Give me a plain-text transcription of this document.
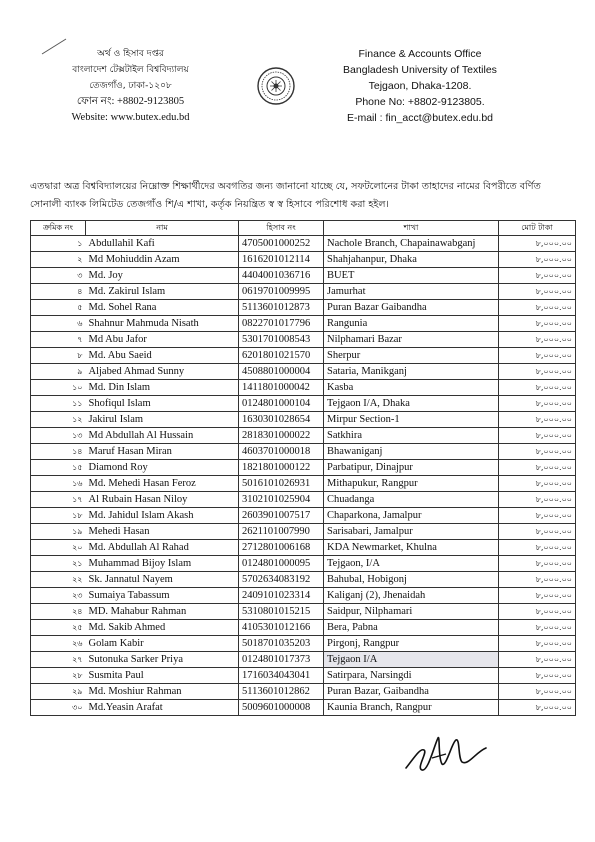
অর্থ ও হিসাব দপ্তর
বাংলাদেশ টেক্সটাইল বিশ্ববিদ্যালয়
তেজগাঁও, ঢাকা-১২০৮
ফোন নং: +8802-9123805
Website: www.butex.edu.bd
Finance & Accounts Office
Bangladesh University of Textiles
Tejgaon, Dhaka-1208.
Phone No: +8802-9123805.
E-mail : fin_acct@butex.edu.bd
এতদ্বারা অত্র বিশ্ববিদ্যালয়ের নিম্নোক্ত শিক্ষার্থীদের অবগতির জন্য জানানো যাচ্ছে যে, সফটলোনের টাকা তাহাদের নামের বিপরীতে বর্ণিত সোনালী ব্যাংক লিমিটেড তেজগাঁও শি/এ শাখা, কর্তৃক নিয়ন্ত্রিত স্ব স্ব হিসাবে পরিশোধ করা হইল।
ক্রমিক নং	নাম	হিসাব নং	শাখা	মোট টাকা
১	Abdullahil Kafi	4705001000252	Nachole Branch, Chapainawabganj	৮,০০০.০০
২	Md Mohiuddin Azam	1616201012114	Shahjahanpur, Dhaka	৮,০০০.০০
৩	Md. Joy	4404001036716	BUET	৮,০০০.০০
৪	Md. Zakirul Islam	0619701009995	Jamurhat	৮,০০০.০০
৫	Md. Sohel Rana	5113601012873	Puran Bazar Gaibandha	৮,০০০.০০
৬	Shahnur Mahmuda Nisath	0822701017796	Rangunia	৮,০০০.০০
৭	Md Abu Jafor	5301701008543	Nilphamari Bazar	৮,০০০.০০
৮	Md. Abu Saeid	6201801021570	Sherpur	৮,০০০.০০
৯	Aljabed Ahmad Sunny	4508801000004	Sataria, Manikganj	৮,০০০.০০
১০	Md. Din Islam	1411801000042	Kasba	৮,০০০.০০
১১	Shofiqul Islam	0124801000104	Tejgaon I/A, Dhaka	৮,০০০.০০
১২	Jakirul Islam	1630301028654	Mirpur Section-1	৮,০০০.০০
১৩	Md Abdullah Al Hussain	2818301000022	Satkhira	৮,০০০.০০
১৪	Maruf Hasan Miran	4603701000018	Bhawaniganj	৮,০০০.০০
১৫	Diamond Roy	1821801000122	Parbatipur, Dinajpur	৮,০০০.০০
১৬	Md. Mehedi Hasan Feroz	5016101026931	Mithapukur, Rangpur	৮,০০০.০০
১৭	Al Rubain Hasan Niloy	3102101025904	Chuadanga	৮,০০০.০০
১৮	Md. Jahidul Islam Akash	2603901007517	Chaparkona, Jamalpur	৮,০০০.০০
১৯	Mehedi Hasan	2621101007990	Sarisabari, Jamalpur	৮,০০০.০০
২০	Md. Abdullah Al Rahad	2712801006168	KDA Newmarket, Khulna	৮,০০০.০০
২১	Muhammad Bijoy Islam	0124801000095	Tejgaon, I/A	৮,০০০.০০
২২	Sk. Jannatul Nayem	5702634083192	Bahubal, Hobigonj	৮,০০০.০০
২৩	Sumaiya Tabassum	2409101023314	Kaliganj (2), Jhenaidah	৮,০০০.০০
২৪	MD. Mahabur Rahman	5310801015215	Saidpur, Nilphamari	৮,০০০.০০
২৫	Md. Sakib Ahmed	4105301012166	Bera, Pabna	৮,০০০.০০
২৬	Golam Kabir	5018701035203	Pirgonj, Rangpur	৮,০০০.০০
২৭	Sutonuka Sarker Priya	0124801017373	Tejgaon I/A	৮,০০০.০০
২৮	Susmita Paul	1716034043041	Satirpara, Narsingdi	৮,০০০.০০
২৯	Md. Moshiur Rahman	5113601012862	Puran Bazar, Gaibandha	৮,০০০.০০
৩০	Md.Yeasin Arafat	5009601000008	Kaunia Branch, Rangpur	৮,০০০.০০
